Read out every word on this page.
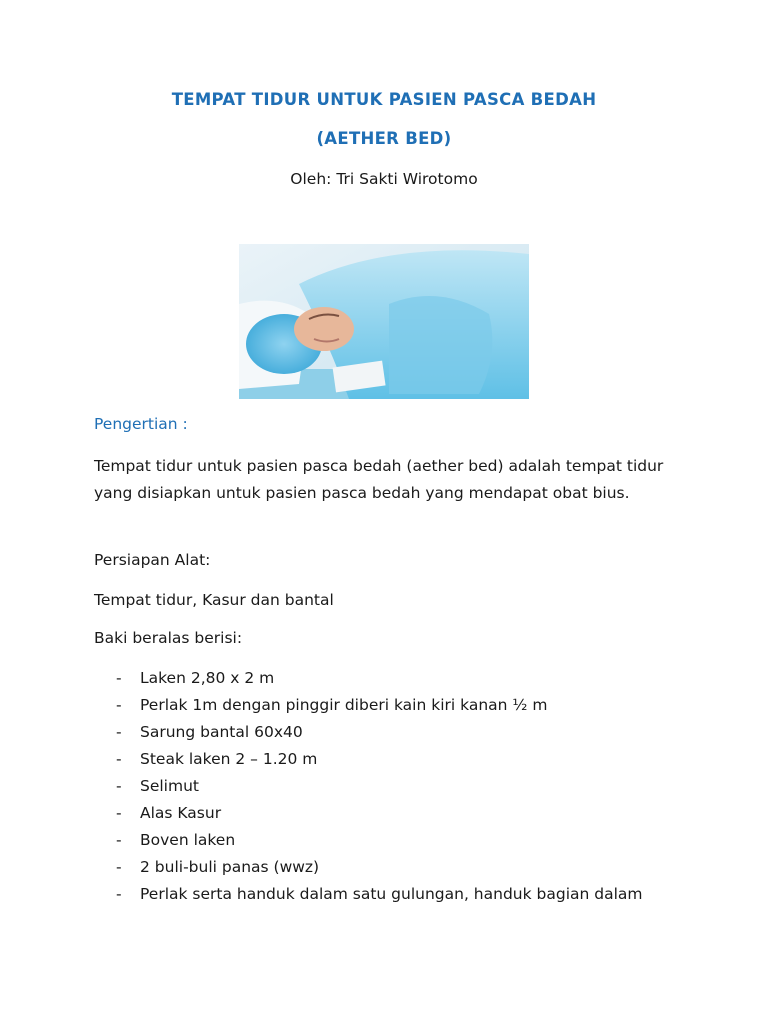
TEMPAT TIDUR UNTUK PASIEN PASCA BEDAH
(AETHER BED)
Oleh: Tri Sakti Wirotomo
Pengertian :

Tempat tidur untuk pasien pasca bedah (aether bed) adalah tempat tidur yang disiapkan untuk pasien pasca bedah yang mendapat obat bius.

Persiapan Alat:

Tempat tidur, Kasur dan bantal

Baki beralas berisi:

- Laken 2,80 x 2 m
- Perlak 1m dengan pinggir diberi kain kiri kanan ½ m
- Sarung bantal 60x40
- Steak laken 2 – 1.20 m
- Selimut
- Alas Kasur
- Boven laken
- 2 buli-buli panas (wwz)
- Perlak serta handuk dalam satu gulungan, handuk bagian dalam
